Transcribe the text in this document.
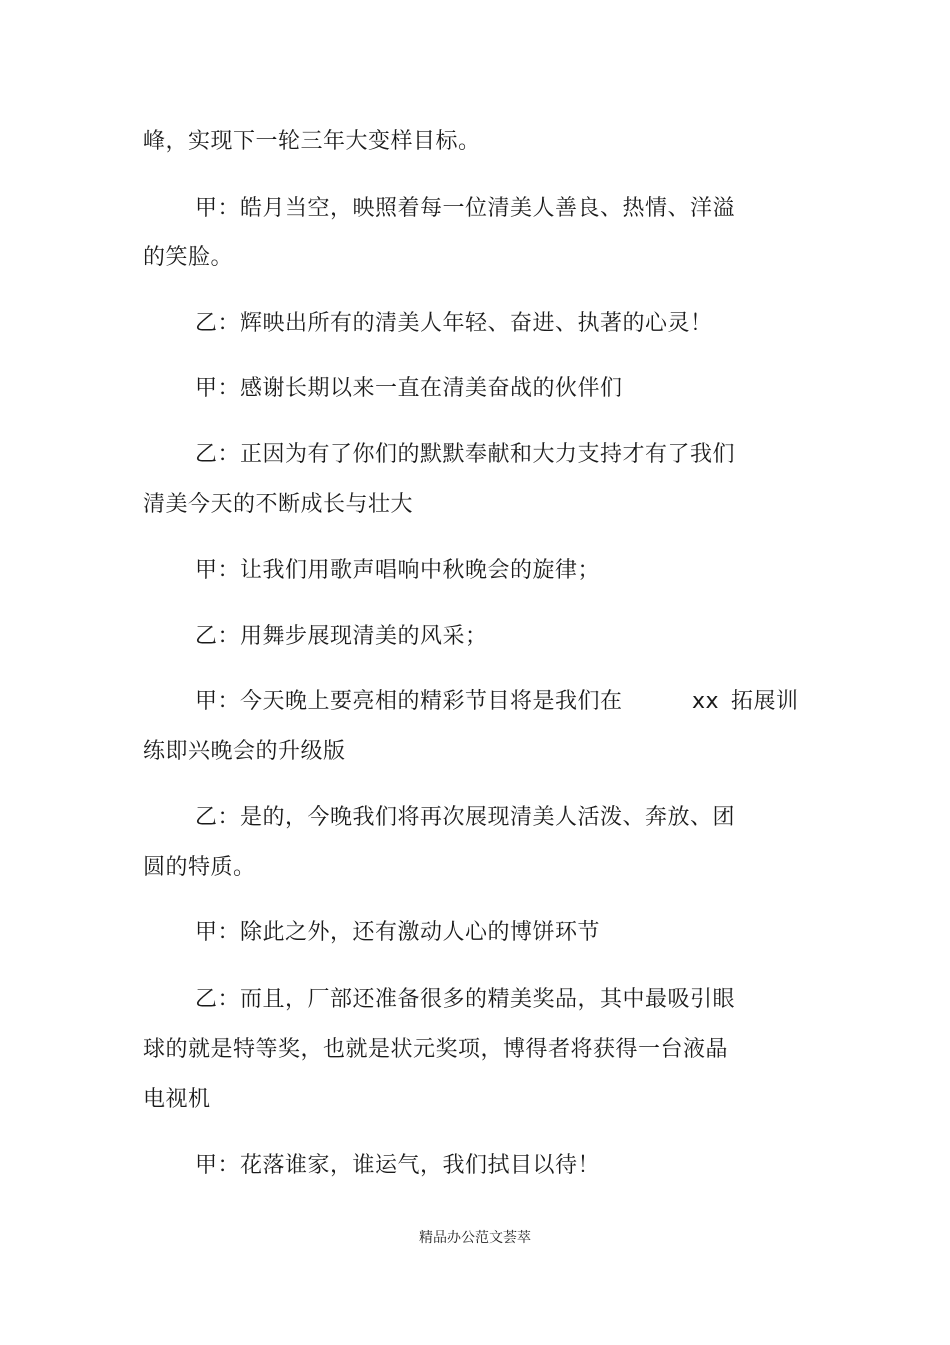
峰，实现下一轮三年大变样目标。
甲：皓月当空，映照着每一位清美人善良、热情、洋溢
的笑脸。
乙：辉映出所有的清美人年轻、奋进、执著的心灵！
甲：感谢长期以来一直在清美奋战的伙伴们
乙：正因为有了你们的默默奉献和大力支持才有了我们
清美今天的不断成长与壮大
甲：让我们用歌声唱响中秋晚会的旋律；
乙：用舞步展现清美的风采；
甲：今天晚上要亮相的精彩节目将是我们在	xx 拓展训
练即兴晚会的升级版
乙：是的，今晚我们将再次展现清美人活泼、奔放、团
圆的特质。
甲：除此之外，还有激动人心的博饼环节
乙：而且，厂部还准备很多的精美奖品，其中最吸引眼
球的就是特等奖，也就是状元奖项，博得者将获得一台液晶
电视机
甲：花落谁家，谁运气，我们拭目以待！
精品办公范文荟萃
